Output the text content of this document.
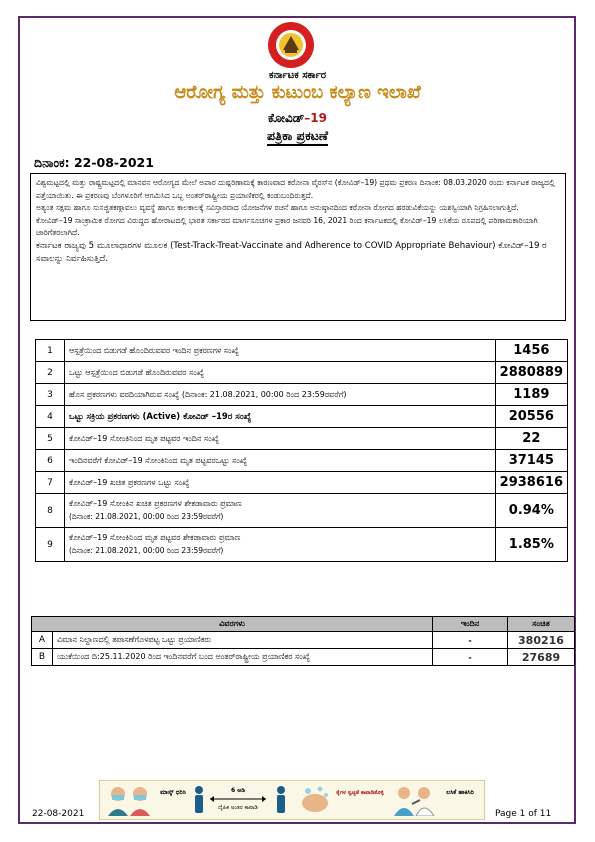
ಕರ್ನಾಟಕ ಸರ್ಕಾರ
ಆರೋಗ್ಯ ಮತ್ತು ಕುಟುಂಬ ಕಲ್ಯಾಣ ಇಲಾಖೆ
ಕೋವಿಡ್–19
ಪತ್ರಿಕಾ ಪ್ರಕಟಣೆ
ದಿನಾಂಕ: 22-08-2021
ವಿಶ್ವಮಟ್ಟದಲ್ಲಿ ಮತ್ತು ರಾಷ್ಟ್ರಮಟ್ಟದಲ್ಲಿ ಮಾನವನ ಆರೋಗ್ಯದ ಮೇಲೆ ಅಪಾರ ದುಷ್ಪರಿಣಾಮಕ್ಕೆ ಕಾರಣವಾದ ಕರೋನಾ ವೈರಸ್‌ನ (ಕೋವಿಡ್–19) ಪ್ರಥಮ ಪ್ರಕರಣ ದಿನಾಂಕ: 08.03.2020 ರಂದು ಕರ್ನಾಟಕ ರಾಜ್ಯದಲ್ಲಿ ಪತ್ತೆಯಾಯಿತು. ಈ ಪ್ರಕರಣವು ಬೆಂಗಳೂರಿಗೆ ಆಗಮಿಸಿದ ಒಬ್ಬ ಅಂತರ್‌ರಾಷ್ಟ್ರೀಯ ಪ್ರಯಾಣಿಕರಲ್ಲಿ ಕಂಡುಬಂದಿರುತ್ತದೆ.
ಅತ್ಯಂತ ಸಕ್ಷಮ ಹಾಗೂ ಸುಸಜ್ಜಿತಕಣ್ಗಾವಲು ವ್ಯವಸ್ಥೆ ಹಾಗೂ ಕಾಲಕಾಲಕ್ಕೆ ಸವಿಸ್ತಾರವಾದ ಯೋಜನೆಗಳ ರಚನೆ ಹಾಗೂ ಅನುಷ್ಠಾನದಿಂದ ಕರೋನಾ ರೋಗದ ಹರಡುವಿಕೆಯನ್ನು ಯಶಸ್ವಿಯಾಗಿ ನಿಗ್ರಹಿಸಲಾಗುತ್ತಿದೆ.
ಕೋವಿಡ್–19 ಸಾಂಕ್ರಾಮಿಕ ರೋಗದ ವಿರುದ್ಧದ ಹೋರಾಟದಲ್ಲಿ ಭಾರತ ಸರ್ಕಾರದ ಮಾರ್ಗಸೂಚಿಗಳ ಪ್ರಕಾರ ಜನವರಿ 16, 2021 ರಿಂದ ಕರ್ನಾಟಕದಲ್ಲಿ ಕೋವಿಡ್–19 ಲಸಿಕೆಯ ರೂಪದಲ್ಲಿ ಪರಿಣಾಮಕಾರಿಯಾಗಿ ಜಾರಿಗೆತರಲಾಗಿದೆ.
ಕರ್ನಾಟಕ ರಾಜ್ಯವು 5 ಮೂಲಾಧಾರಗಳ ಮೂಲಕ (Test-Track-Treat-Vaccinate and Adherence to COVID Appropriate Behaviour) ಕೋವಿಡ್–19 ರ ಸವಾಲನ್ನು ನಿರ್ವಹಿಸುತ್ತಿದೆ.
1	ಆಸ್ಪತ್ರೆಯಿಂದ ಬಿಡುಗಡೆ ಹೊಂದಿರುವವರ ಇಂದಿನ ಪ್ರಕರಣಗಳ ಸಂಖ್ಯೆ	1456
2	ಒಟ್ಟು ಆಸ್ಪತ್ರೆಯಿಂದ ಬಿಡುಗಡೆ ಹೊಂದಿರುವವರ ಸಂಖ್ಯೆ	2880889
3	ಹೊಸ ಪ್ರಕರಣಗಳು ವರದಿಯಾಗಿರುವ ಸಂಖ್ಯೆ (ದಿನಾಂಕ: 21.08.2021, 00:00 ರಿಂದ 23:59ರವರೆಗೆ)	1189
4	ಒಟ್ಟು ಸಕ್ರಿಯ ಪ್ರಕರಣಗಳು (Active) ಕೋವಿಡ್ –19ರ ಸಂಖ್ಯೆ	20556
5	ಕೋವಿಡ್–19 ಸೋಂಕಿನಿಂದ ಮೃತ ಪಟ್ಟವರ ಇಂದಿನ ಸಂಖ್ಯೆ	22
6	ಇಂದಿನವರೆಗೆ ಕೋವಿಡ್–19 ಸೋಂಕಿನಿಂದ ಮೃತ ಪಟ್ಟವರಒಟ್ಟು ಸಂಖ್ಯೆ	37145
7	ಕೋವಿಡ್–19 ಖಚಿತ ಪ್ರಕರಣಗಳ ಒಟ್ಟು ಸಂಖ್ಯೆ	2938616
8	ಕೋವಿಡ್–19 ಸೋಂಕಿನ ಖಚಿತ ಪ್ರಕರಣಗಳ ಶೇಕಡಾವಾರು ಪ್ರಮಾಣ
(ದಿನಾಂಕ: 21.08.2021, 00:00 ರಿಂದ 23:59ರವರೆಗೆ)	0.94%
9	ಕೋವಿಡ್–19 ಸೋಂಕಿನಿಂದ ಮೃತ ಪಟ್ಟವರ ಶೇಕಡಾವಾರು ಪ್ರಮಾಣ
(ದಿನಾಂಕ: 21.08.2021, 00:00 ರಿಂದ 23:59ರವರೆಗೆ)	1.85%
ವಿವರಗಳು		ಇಂದಿನ	ಸಂಚಿತ
A	ವಿಮಾನ ನಿಲ್ದಾಣದಲ್ಲಿ ತಪಾಸಣೆಗೊಳಪಟ್ಟ ಒಟ್ಟು ಪ್ರಯಾಣಿಕರು	-	380216
B	ಯುಕೆಯಿಂದ ದಿ:25.11.2020 ರಿಂದ ಇಂದಿನವರೆಗೆ ಬಂದ ಅಂತರ್‌ರಾಷ್ಟ್ರೀಯ ಪ್ರಯಾಣಿಕರ ಸಂಖ್ಯೆ	-	27689
ಮಾಸ್ಕ್ ಧರಿಸಿ	6 ಅಡಿ
ದೈಹಿಕ ಅಂತರ ಕಾಪಾಡಿ
ಕೈಗಳ ಸ್ವಚ್ಛತೆ ಕಾಪಾಡಿಕೊಳ್ಳಿ	ಲಸಿಕೆ ಹಾಕಿಸಿರಿ
22-08-2021	Page 1 of 11
